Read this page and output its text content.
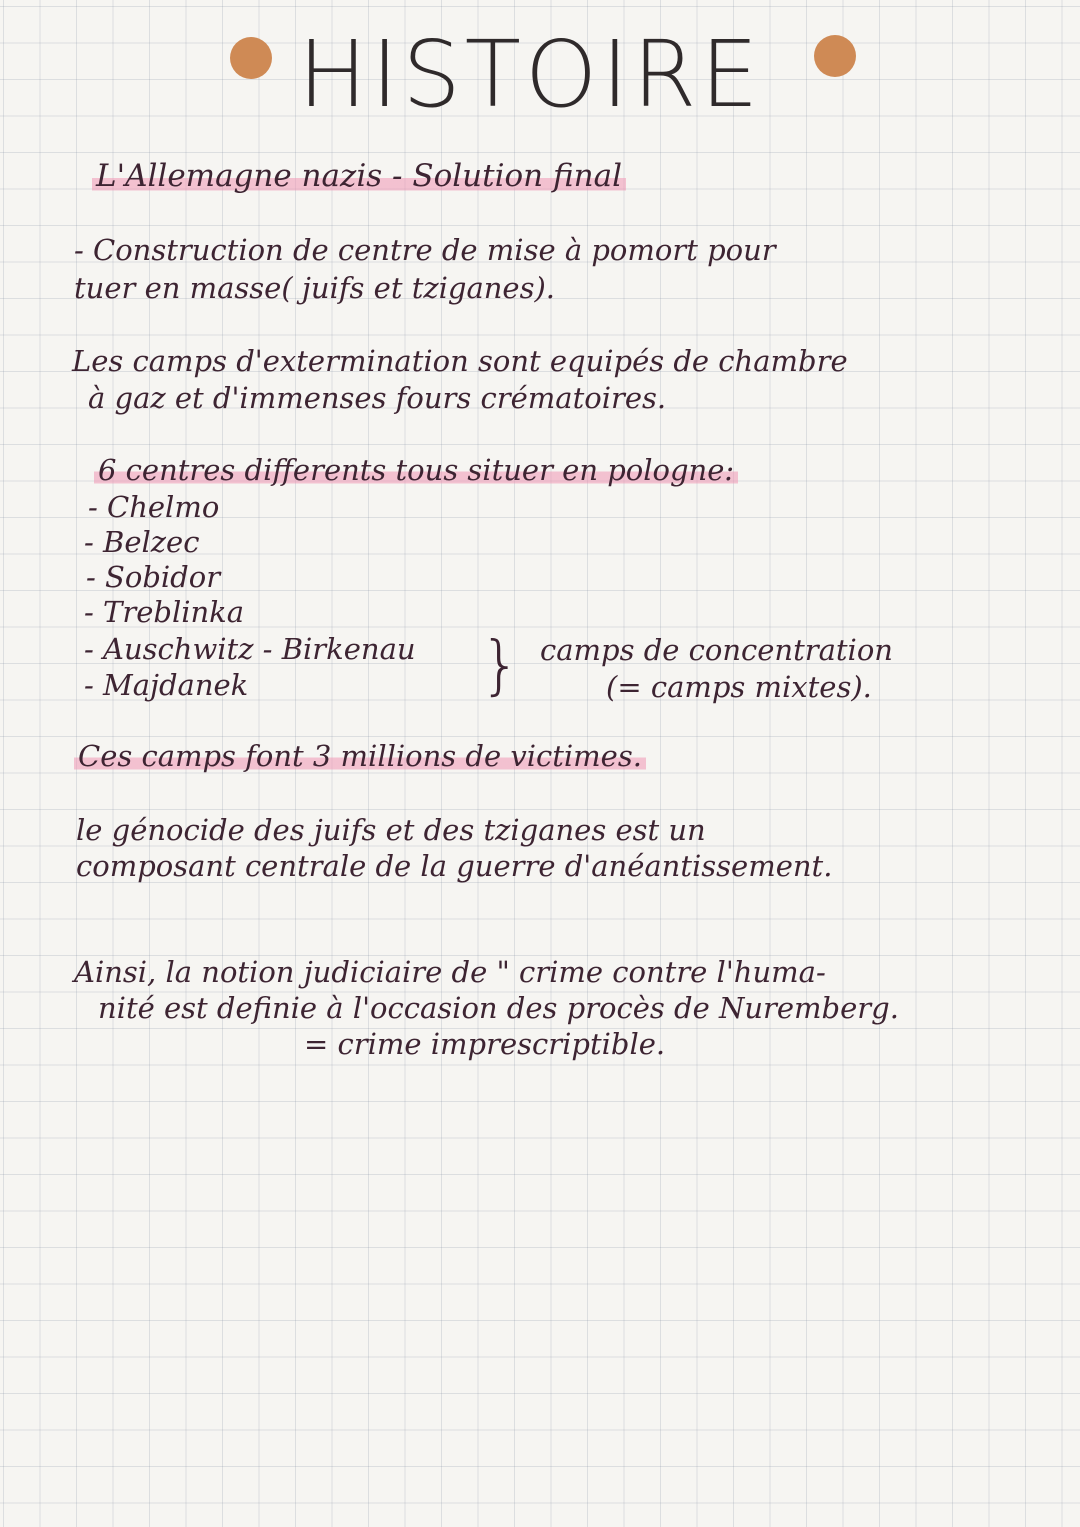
HISTOIRE
L'Allemagne nazis - Solution final
- Construction de centre de mise à pomort pour
tuer en masse( juifs et tziganes).
Les camps d'extermination sont equipés de chambre
à gaz et d'immenses fours crématoires.
6 centres differents tous situer en pologne:
- Chelmo
- Belzec
- Sobidor
- Treblinka
- Auschwitz - Birkenau
- Majdanek	} camps de concentration
(= camps mixtes).
Ces camps font 3 millions de victimes.
le génocide des juifs et des tziganes est un
composant centrale de la guerre d'anéantissement.
Ainsi, la notion judiciaire de " crime contre l'huma-
nité est definie à l'occasion des procès de Nuremberg.
= crime imprescriptible.
